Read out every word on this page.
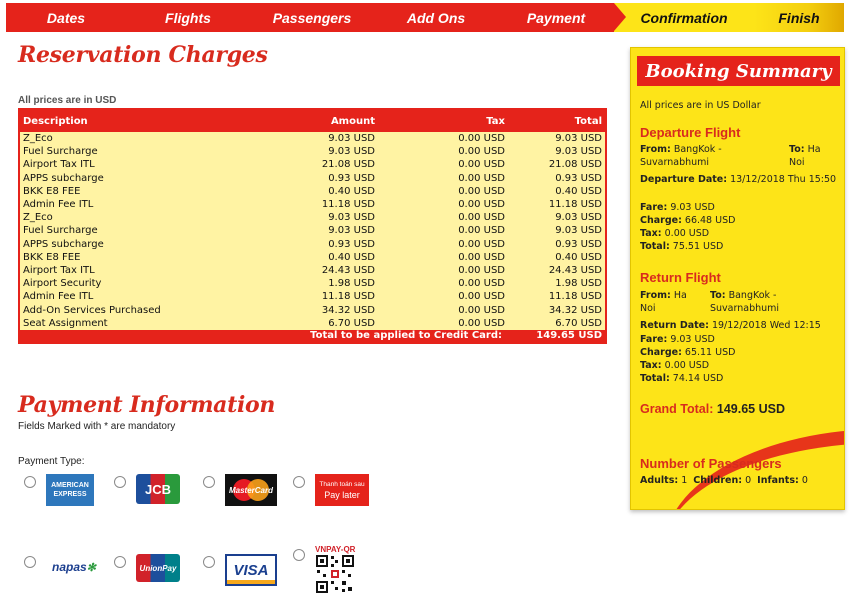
Dates	Flights	Passengers	Add Ons	Payment	Confirmation	Finish
Reservation Charges
All prices are in USD
Description	Amount	Tax	Total
Z_Eco	9.03 USD	0.00 USD	9.03 USD
Fuel Surcharge	9.03 USD	0.00 USD	9.03 USD
Airport Tax ITL	21.08 USD	0.00 USD	21.08 USD
APPS subcharge	0.93 USD	0.00 USD	0.93 USD
BKK E8 FEE	0.40 USD	0.00 USD	0.40 USD
Admin Fee ITL	11.18 USD	0.00 USD	11.18 USD
Z_Eco	9.03 USD	0.00 USD	9.03 USD
Fuel Surcharge	9.03 USD	0.00 USD	9.03 USD
APPS subcharge	0.93 USD	0.00 USD	0.93 USD
BKK E8 FEE	0.40 USD	0.00 USD	0.40 USD
Airport Tax ITL	24.43 USD	0.00 USD	24.43 USD
Airport Security	1.98 USD	0.00 USD	1.98 USD
Admin Fee ITL	11.18 USD	0.00 USD	11.18 USD
Add-On Services Purchased	34.32 USD	0.00 USD	34.32 USD
Seat Assignment	6.70 USD	0.00 USD	6.70 USD
Total to be applied to Credit Card:	149.65 USD
Payment Information
Fields Marked with * are mandatory
Payment Type:
AMERICAN
EXPRESS	JCB	MasterCard
Thanh toán sau
Pay later
napas ✻	UnionPay	VISA
VNPAY-QR
Booking Summary
All prices are in US Dollar
Departure Flight
From: BangKok - Suvarnabhumi
To: Ha Noi
Departure Date: 13/12/2018 Thu 15:50
Fare: 9.03 USD
Charge: 66.48 USD
Tax: 0.00 USD
Total: 75.51 USD
Return Flight
From: Ha Noi
To: BangKok - Suvarnabhumi
Return Date: 19/12/2018 Wed 12:15
Fare: 9.03 USD
Charge: 65.11 USD
Tax: 0.00 USD
Total: 74.14 USD
Grand Total: 149.65 USD
Number of Passengers
Adults: 1 Children: 0 Infants: 0
